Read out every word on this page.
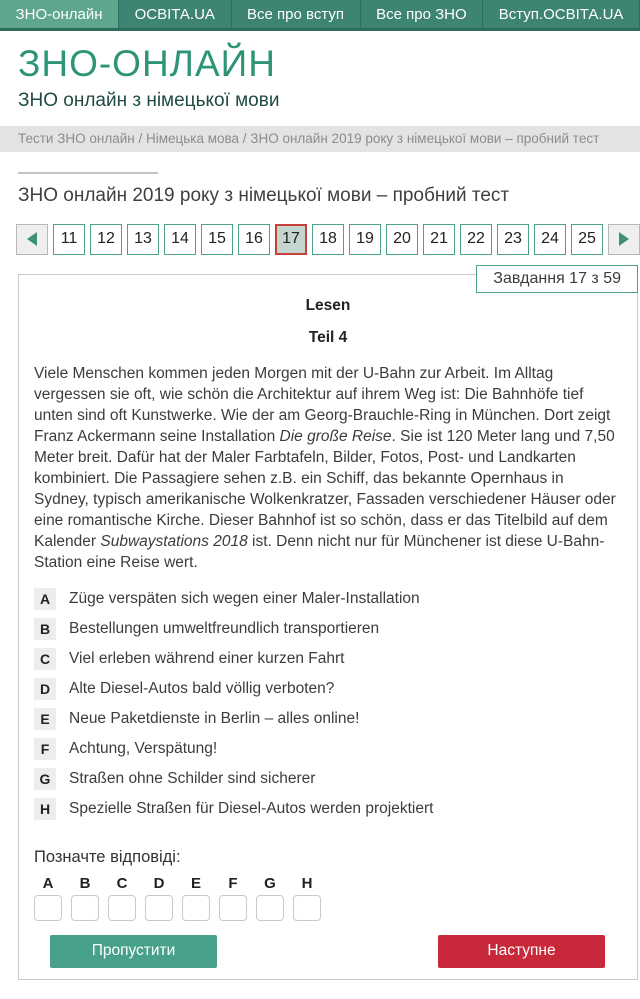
ЗНО-онлайн	ОСВІТА.UA	Все про вступ	Все про ЗНО	Вступ.ОСВІТА.UA
ЗНО-ОНЛАЙН
ЗНО онлайн з німецької мови
Тести ЗНО онлайн / Німецька мова / ЗНО онлайн 2019 року з німецької мови – пробний тест
ЗНО онлайн 2019 року з німецької мови – пробний тест
11	12	13	14	15	16	17	18	19	20	21	22	23	24	25
Завдання 17 з 59
Lesen
Teil 4

Viele Menschen kommen jeden Morgen mit der U-Bahn zur Arbeit. Im Alltag vergessen sie oft, wie schön die Architektur auf ihrem Weg ist: Die Bahnhöfe tief unten sind oft Kunstwerke. Wie der am Georg-Brauchle-Ring in München. Dort zeigt Franz Ackermann seine Installation Die große Reise. Sie ist 120 Meter lang und 7,50 Meter breit. Dafür hat der Maler Farbtafeln, Bilder, Fotos, Post- und Landkarten kombiniert. Die Passagiere sehen z.B. ein Schiff, das bekannte Opernhaus in Sydney, typisch amerikanische Wolkenkratzer, Fassaden verschiedener Häuser oder eine romantische Kirche. Dieser Bahnhof ist so schön, dass er das Titelbild auf dem Kalender Subwaystations 2018 ist. Denn nicht nur für Münchener ist diese U-Bahn-Station eine Reise wert.

A	Züge verspäten sich wegen einer Maler-Installation
B	Bestellungen umweltfreundlich transportieren
C	Viel erleben während einer kurzen Fahrt
D	Alte Diesel-Autos bald völlig verboten?
E	Neue Paketdienste in Berlin – alles online!
F	Achtung, Verspätung!
G	Straßen ohne Schilder sind sicherer
H	Spezielle Straßen für Diesel-Autos werden projektiert
Позначте відповіді:
A	B	C	D	E	F	G	H
Пропустити	Наступне
